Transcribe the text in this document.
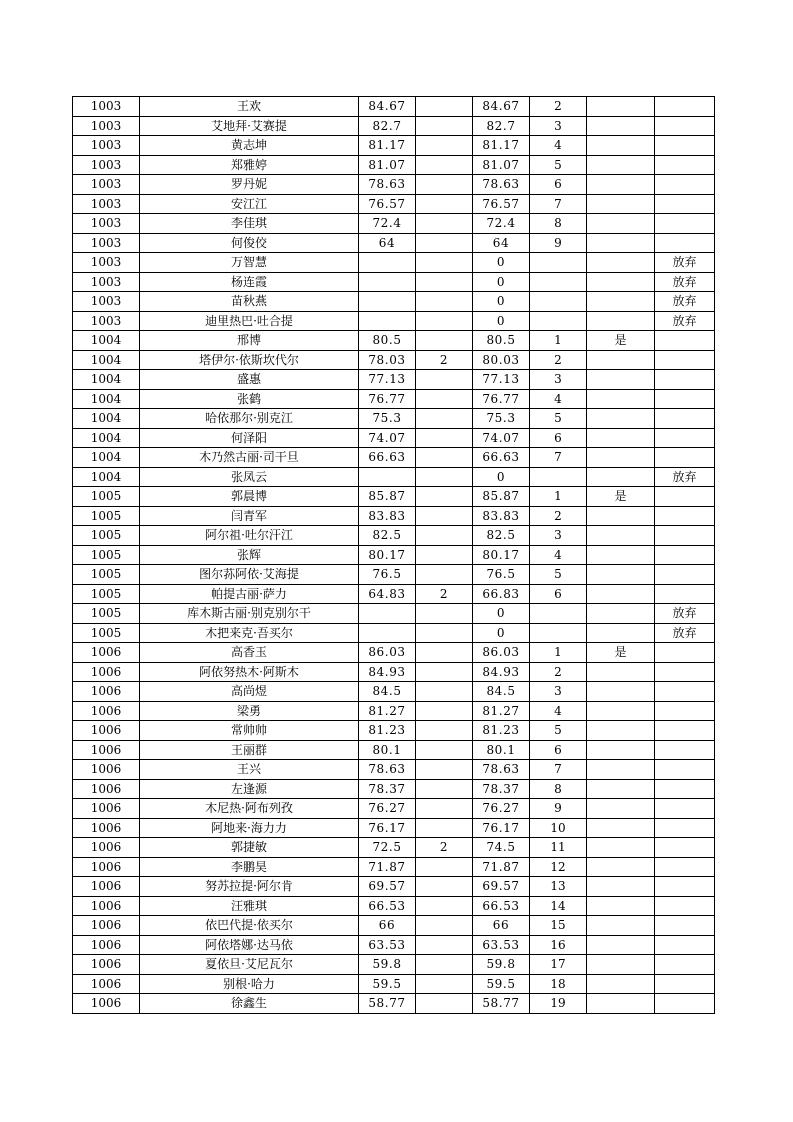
1003	王欢	84.67		84.67	2		
1003	艾地拜·艾赛提	82.7		82.7	3		
1003	黄志坤	81.17		81.17	4		
1003	郑雅婷	81.07		81.07	5		
1003	罗丹妮	78.63		78.63	6		
1003	安江江	76.57		76.57	7		
1003	李佳琪	72.4		72.4	8		
1003	何俊佼	64		64	9		
1003	万智慧			0			放弃
1003	杨连霞			0			放弃
1003	苗秋燕			0			放弃
1003	迪里热巴·吐合提			0			放弃
1004	邢博	80.5		80.5	1	是	
1004	塔伊尔·依斯坎代尔	78.03	2	80.03	2		
1004	盛惠	77.13		77.13	3		
1004	张鹤	76.77		76.77	4		
1004	哈依那尔·别克江	75.3		75.3	5		
1004	何泽阳	74.07		74.07	6		
1004	木乃然古丽·司干旦	66.63		66.63	7		
1004	张凤云			0			放弃
1005	郭晨博	85.87		85.87	1	是	
1005	闫青军	83.83		83.83	2		
1005	阿尔祖·吐尔汗江	82.5		82.5	3		
1005	张辉	80.17		80.17	4		
1005	图尔荪阿依·艾海提	76.5		76.5	5		
1005	帕提古丽·萨力	64.83	2	66.83	6		
1005	库木斯古丽·别克别尔干			0			放弃
1005	木把来克·吾买尔			0			放弃
1006	高香玉	86.03		86.03	1	是	
1006	阿依努热木·阿斯木	84.93		84.93	2		
1006	高尚煜	84.5		84.5	3		
1006	梁勇	81.27		81.27	4		
1006	常帅帅	81.23		81.23	5		
1006	王丽群	80.1		80.1	6		
1006	王兴	78.63		78.63	7		
1006	左逢源	78.37		78.37	8		
1006	木尼热·阿布列孜	76.27		76.27	9		
1006	阿地来·海力力	76.17		76.17	10		
1006	郭捷敏	72.5	2	74.5	11		
1006	李鹏昊	71.87		71.87	12		
1006	努苏拉提·阿尔肯	69.57		69.57	13		
1006	汪雅琪	66.53		66.53	14		
1006	依巴代提·依买尔	66		66	15		
1006	阿依塔娜·达马依	63.53		63.53	16		
1006	夏依旦·艾尼瓦尔	59.8		59.8	17		
1006	别根·哈力	59.5		59.5	18		
1006	徐鑫生	58.77		58.77	19		
